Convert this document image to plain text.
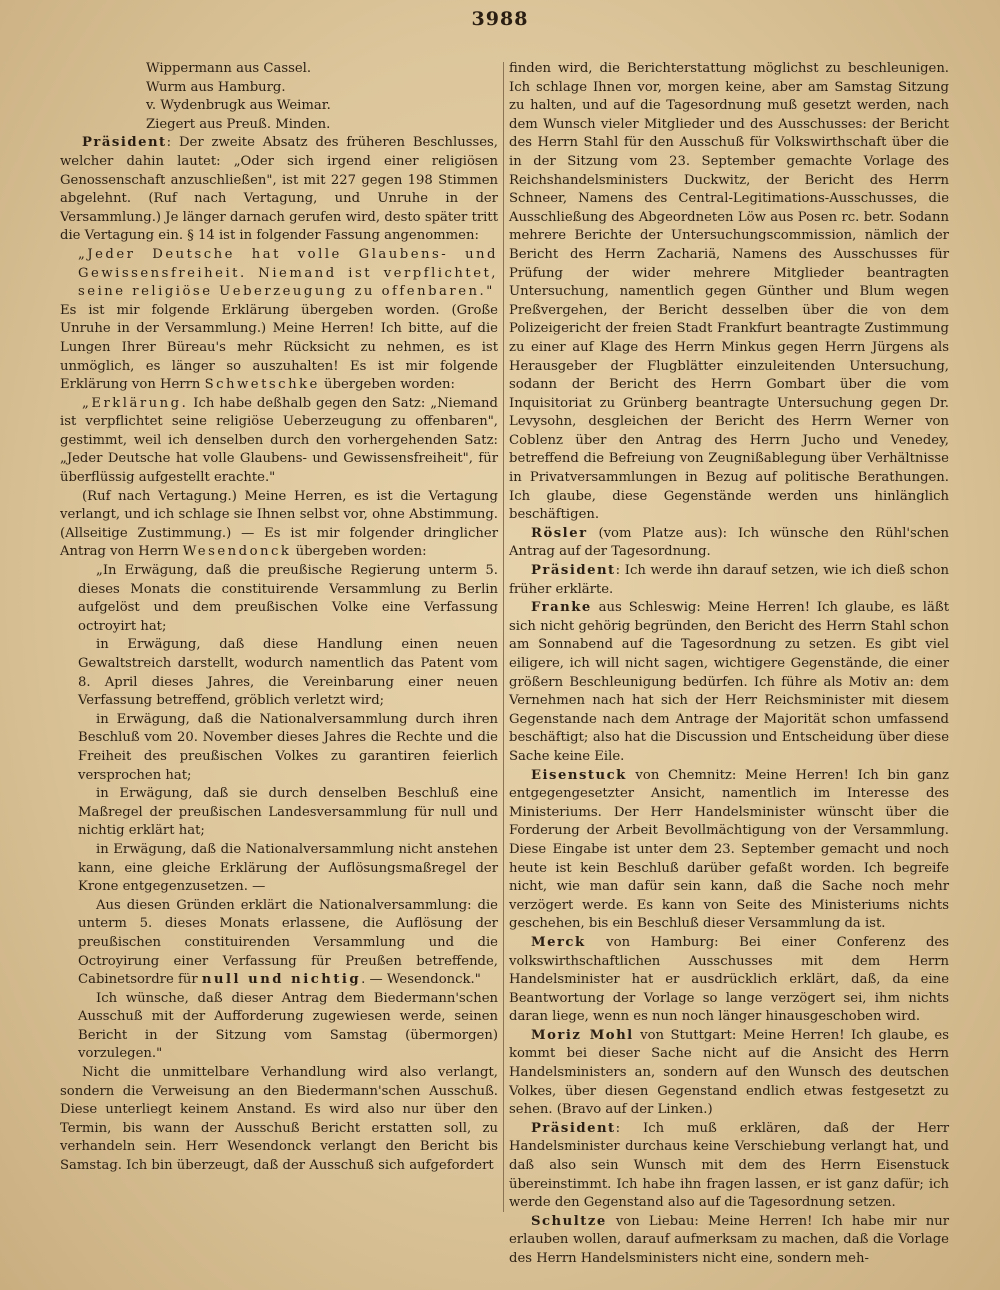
3988

Wippermann aus Cassel.

Wurm aus Hamburg.

v. Wydenbrugk aus Weimar.

Ziegert aus Preuß. Minden.

Präsident: Der zweite Absatz des früheren Beschlusses, welcher dahin lautet: „Oder sich irgend einer religiösen Genossenschaft anzuschließen", ist mit 227 gegen 198 Stimmen abgelehnt. (Ruf nach Vertagung, und Unruhe in der Versammlung.) Je länger darnach gerufen wird, desto später tritt die Vertagung ein. § 14 ist in folgender Fassung angenommen:

„Jeder Deutsche hat volle Glaubens- und Gewissensfreiheit. Niemand ist verpflichtet, seine religiöse Ueberzeugung zu offenbaren."

Es ist mir folgende Erklärung übergeben worden. (Große Unruhe in der Versammlung.) Meine Herren! Ich bitte, auf die Lungen Ihrer Büreau's mehr Rücksicht zu nehmen, es ist unmöglich, es länger so auszuhalten! Es ist mir folgende Erklärung von Herrn Schwetschke übergeben worden:

„Erklärung. Ich habe deßhalb gegen den Satz: „Niemand ist verpflichtet seine religiöse Ueberzeugung zu offenbaren", gestimmt, weil ich denselben durch den vorhergehenden Satz: „Jeder Deutsche hat volle Glaubens- und Gewissensfreiheit", für überflüssig aufgestellt erachte."

(Ruf nach Vertagung.) Meine Herren, es ist die Vertagung verlangt, und ich schlage sie Ihnen selbst vor, ohne Abstimmung. (Allseitige Zustimmung.) — Es ist mir folgender dringlicher Antrag von Herrn Wesendonck übergeben worden:

„In Erwägung, daß die preußische Regierung unterm 5. dieses Monats die constituirende Versammlung zu Berlin aufgelöst und dem preußischen Volke eine Verfassung octroyirt hat;

in Erwägung, daß diese Handlung einen neuen Gewaltstreich darstellt, wodurch namentlich das Patent vom 8. April dieses Jahres, die Vereinbarung einer neuen Verfassung betreffend, gröblich verletzt wird;

in Erwägung, daß die Nationalversammlung durch ihren Beschluß vom 20. November dieses Jahres die Rechte und die Freiheit des preußischen Volkes zu garantiren feierlich versprochen hat;

in Erwägung, daß sie durch denselben Beschluß eine Maßregel der preußischen Landesversammlung für null und nichtig erklärt hat;

in Erwägung, daß die Nationalversammlung nicht anstehen kann, eine gleiche Erklärung der Auflösungsmaßregel der Krone entgegenzusetzen. —

Aus diesen Gründen erklärt die Nationalversammlung: die unterm 5. dieses Monats erlassene, die Auflösung der preußischen constituirenden Versammlung und die Octroyirung einer Verfassung für Preußen betreffende, Cabinetsordre für null und nichtig. — Wesendonck."

Ich wünsche, daß dieser Antrag dem Biedermann'schen Ausschuß mit der Aufforderung zugewiesen werde, seinen Bericht in der Sitzung vom Samstag (übermorgen) vorzulegen."

Nicht die unmittelbare Verhandlung wird also verlangt, sondern die Verweisung an den Biedermann'schen Ausschuß. Diese unterliegt keinem Anstand. Es wird also nur über den Termin, bis wann der Ausschuß Bericht erstatten soll, zu verhandeln sein. Herr Wesendonck verlangt den Bericht bis Samstag. Ich bin überzeugt, daß der Ausschuß sich aufgefordert

finden wird, die Berichterstattung möglichst zu beschleunigen. Ich schlage Ihnen vor, morgen keine, aber am Samstag Sitzung zu halten, und auf die Tagesordnung muß gesetzt werden, nach dem Wunsch vieler Mitglieder und des Ausschusses: der Bericht des Herrn Stahl für den Ausschuß für Volkswirthschaft über die in der Sitzung vom 23. September gemachte Vorlage des Reichshandelsministers Duckwitz, der Bericht des Herrn Schneer, Namens des Central-Legitimations-Ausschusses, die Ausschließung des Abgeordneten Löw aus Posen rc. betr. Sodann mehrere Berichte der Untersuchungscommission, nämlich der Bericht des Herrn Zachariä, Namens des Ausschusses für Prüfung der wider mehrere Mitglieder beantragten Untersuchung, namentlich gegen Günther und Blum wegen Preßvergehen, der Bericht desselben über die von dem Polizeigericht der freien Stadt Frankfurt beantragte Zustimmung zu einer auf Klage des Herrn Minkus gegen Herrn Jürgens als Herausgeber der Flugblätter einzuleitenden Untersuchung, sodann der Bericht des Herrn Gombart über die vom Inquisitoriat zu Grünberg beantragte Untersuchung gegen Dr. Levysohn, desgleichen der Bericht des Herrn Werner von Coblenz über den Antrag des Herrn Jucho und Venedey, betreffend die Befreiung von Zeugnißablegung über Verhältnisse in Privatversammlungen in Bezug auf politische Berathungen. Ich glaube, diese Gegenstände werden uns hinlänglich beschäftigen.

Rösler (vom Platze aus): Ich wünsche den Rühl'schen Antrag auf der Tagesordnung.

Präsident: Ich werde ihn darauf setzen, wie ich dieß schon früher erklärte.

Franke aus Schleswig: Meine Herren! Ich glaube, es läßt sich nicht gehörig begründen, den Bericht des Herrn Stahl schon am Sonnabend auf die Tagesordnung zu setzen. Es gibt viel eiligere, ich will nicht sagen, wichtigere Gegenstände, die einer größern Beschleunigung bedürfen. Ich führe als Motiv an: dem Vernehmen nach hat sich der Herr Reichsminister mit diesem Gegenstande nach dem Antrage der Majorität schon umfassend beschäftigt; also hat die Discussion und Entscheidung über diese Sache keine Eile.

Eisenstuck von Chemnitz: Meine Herren! Ich bin ganz entgegengesetzter Ansicht, namentlich im Interesse des Ministeriums. Der Herr Handelsminister wünscht über die Forderung der Arbeit Bevollmächtigung von der Versammlung. Diese Eingabe ist unter dem 23. September gemacht und noch heute ist kein Beschluß darüber gefaßt worden. Ich begreife nicht, wie man dafür sein kann, daß die Sache noch mehr verzögert werde. Es kann von Seite des Ministeriums nichts geschehen, bis ein Beschluß dieser Versammlung da ist.

Merck von Hamburg: Bei einer Conferenz des volkswirthschaftlichen Ausschusses mit dem Herrn Handelsminister hat er ausdrücklich erklärt, daß, da eine Beantwortung der Vorlage so lange verzögert sei, ihm nichts daran liege, wenn es nun noch länger hinausgeschoben wird.

Moriz Mohl von Stuttgart: Meine Herren! Ich glaube, es kommt bei dieser Sache nicht auf die Ansicht des Herrn Handelsministers an, sondern auf den Wunsch des deutschen Volkes, über diesen Gegenstand endlich etwas festgesetzt zu sehen. (Bravo auf der Linken.)

Präsident: Ich muß erklären, daß der Herr Handelsminister durchaus keine Verschiebung verlangt hat, und daß also sein Wunsch mit dem des Herrn Eisenstuck übereinstimmt. Ich habe ihn fragen lassen, er ist ganz dafür; ich werde den Gegenstand also auf die Tagesordnung setzen.

Schultze von Liebau: Meine Herren! Ich habe mir nur erlauben wollen, darauf aufmerksam zu machen, daß die Vorlage des Herrn Handelsministers nicht eine, sondern meh-
